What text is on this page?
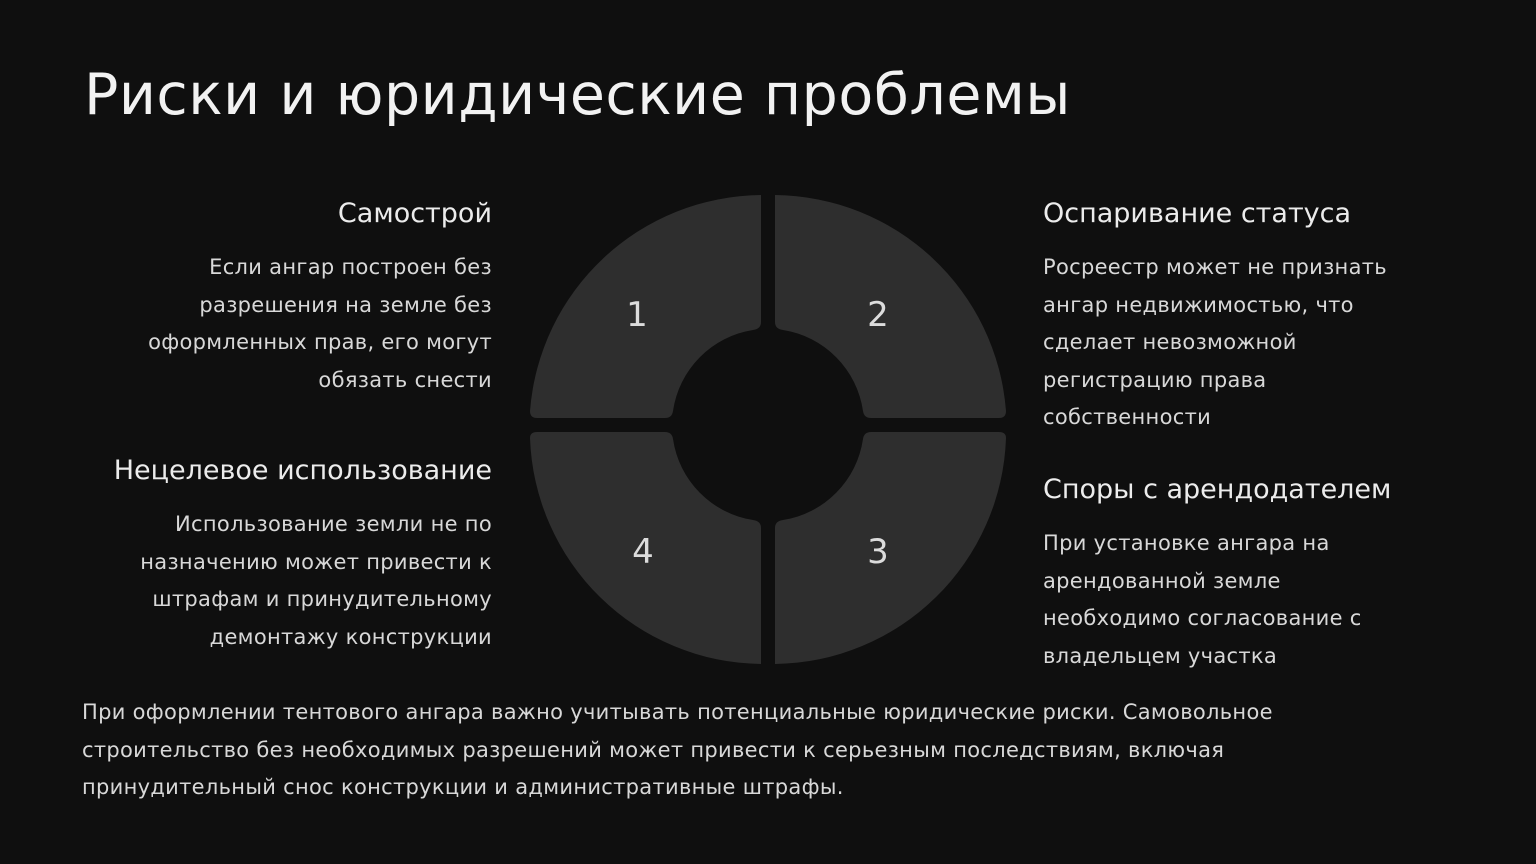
Риски и юридические проблемы
Самострой

Если ангар построен без разрешения на земле без оформленных прав, его могут обязать снести

Нецелевое использование

Использование земли не по назначению может привести к штрафам и принудительному демонтажу конструкции

Оспаривание статуса

Росреестр может не признать ангар недвижимостью, что сделает невозможной регистрацию права собственности

Споры с арендодателем

При установке ангара на арендованной земле необходимо согласование с владельцем участка

1	2
3
4

При оформлении тентового ангара важно учитывать потенциальные юридические риски. Самовольное строительство без необходимых разрешений может привести к серьезным последствиям, включая принудительный снос конструкции и административные штрафы.
